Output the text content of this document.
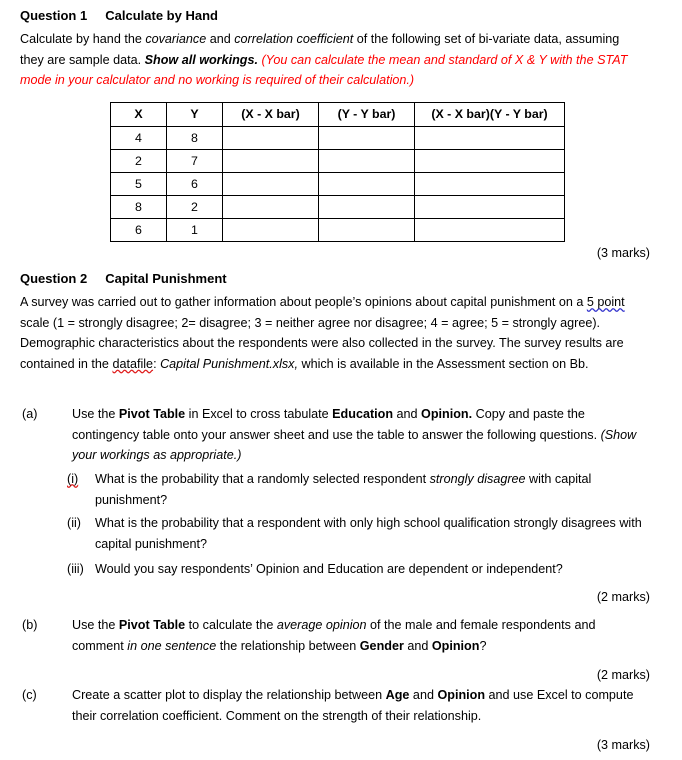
Question 1 Calculate by Hand

Calculate by hand the covariance and correlation coefficient of the following set of bi-variate data, assuming they are sample data. Show all workings. (You can calculate the mean and standard of X & Y with the STAT mode in your calculator and no working is required of their calculation.)

X	Y	(X - X bar)	(Y - Y bar)	(X - X bar)(Y - Y bar)
4	8			
2	7			
5	6			
8	2			
6	1			
(3 marks)
Question 2 Capital Punishment

A survey was carried out to gather information about people’s opinions about capital punishment on a 5 point scale (1 = strongly disagree; 2= disagree; 3 = neither agree nor disagree; 4 = agree; 5 = strongly agree). Demographic characteristics about the respondents were also collected in the survey. The survey results are contained in the datafile: Capital Punishment.xlsx, which is available in the Assessment section on Bb.

(a)	Use the Pivot Table in Excel to cross tabulate Education and Opinion. Copy and paste the contingency table onto your answer sheet and use the table to answer the following questions. (Show your workings as appropriate.)
(i)	What is the probability that a randomly selected respondent strongly disagree with capital punishment?
(ii)	What is the probability that a respondent with only high school qualification strongly disagrees with capital punishment?
(iii) Would you say respondents’ Opinion and Education are dependent or independent?
(2 marks)
(b)	Use the Pivot Table to calculate the average opinion of the male and female respondents and comment in one sentence the relationship between Gender and Opinion?
(2 marks)
(c)	Create a scatter plot to display the relationship between Age and Opinion and use Excel to compute their correlation coefficient. Comment on the strength of their relationship.
(3 marks)
